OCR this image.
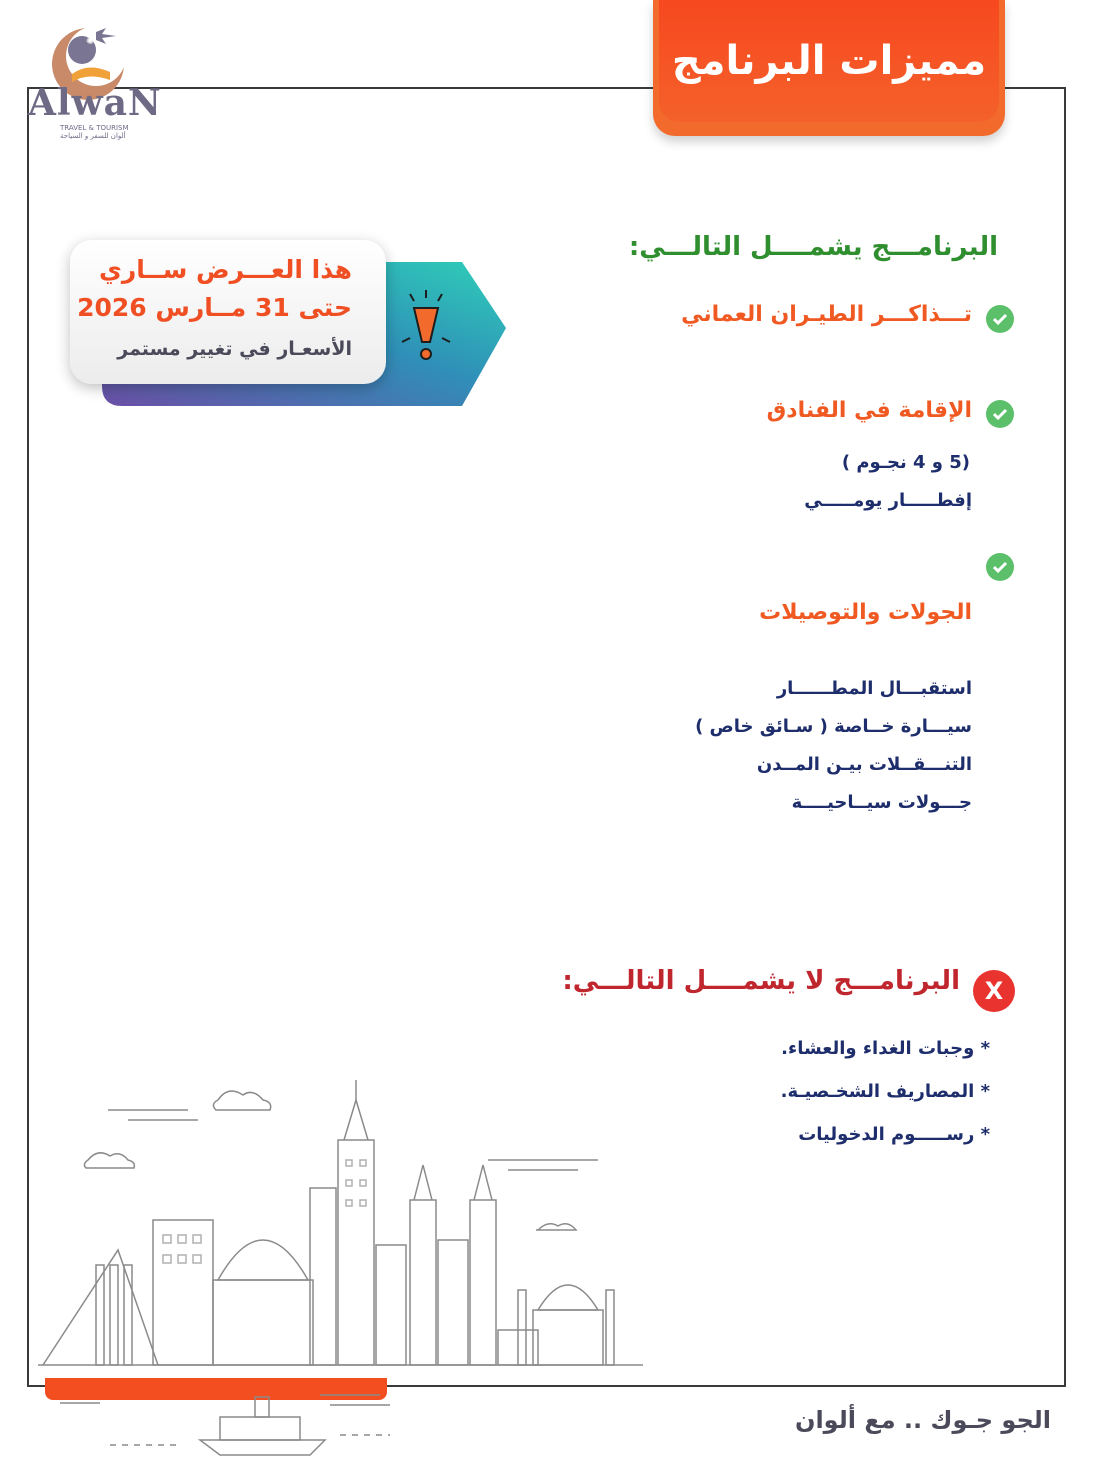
✺
AlwaN
TRAVEL & TOURISM
ألوان للسفر و السياحة
مميزات البرنامج
هذا العـــرض ســاري
حتى 31 مــارس 2026
الأسعـار في تغيير مستمر
البرنامـــج يشمــــل التالـــي:
تـــذاكـــر الطيـران العماني
الإقامة في الفنادق
(5 و 4 نجـوم )
إفطـــــار يومـــــي
الجولات والتوصيلات
استقبـــال المطــــــار
سيـــارة خــاصة ( سـائق خاص )
التنـــقــلات بيـن المــدن
جـــولات سيــاحيــــة
X
البرنامـــج لا يشمــــل التالـــي:
* وجبات الغداء والعشاء.
* المصاريف الشخـصيـة.
* رســـــوم الدخوليات
الجو جـوك .. مع ألوان
